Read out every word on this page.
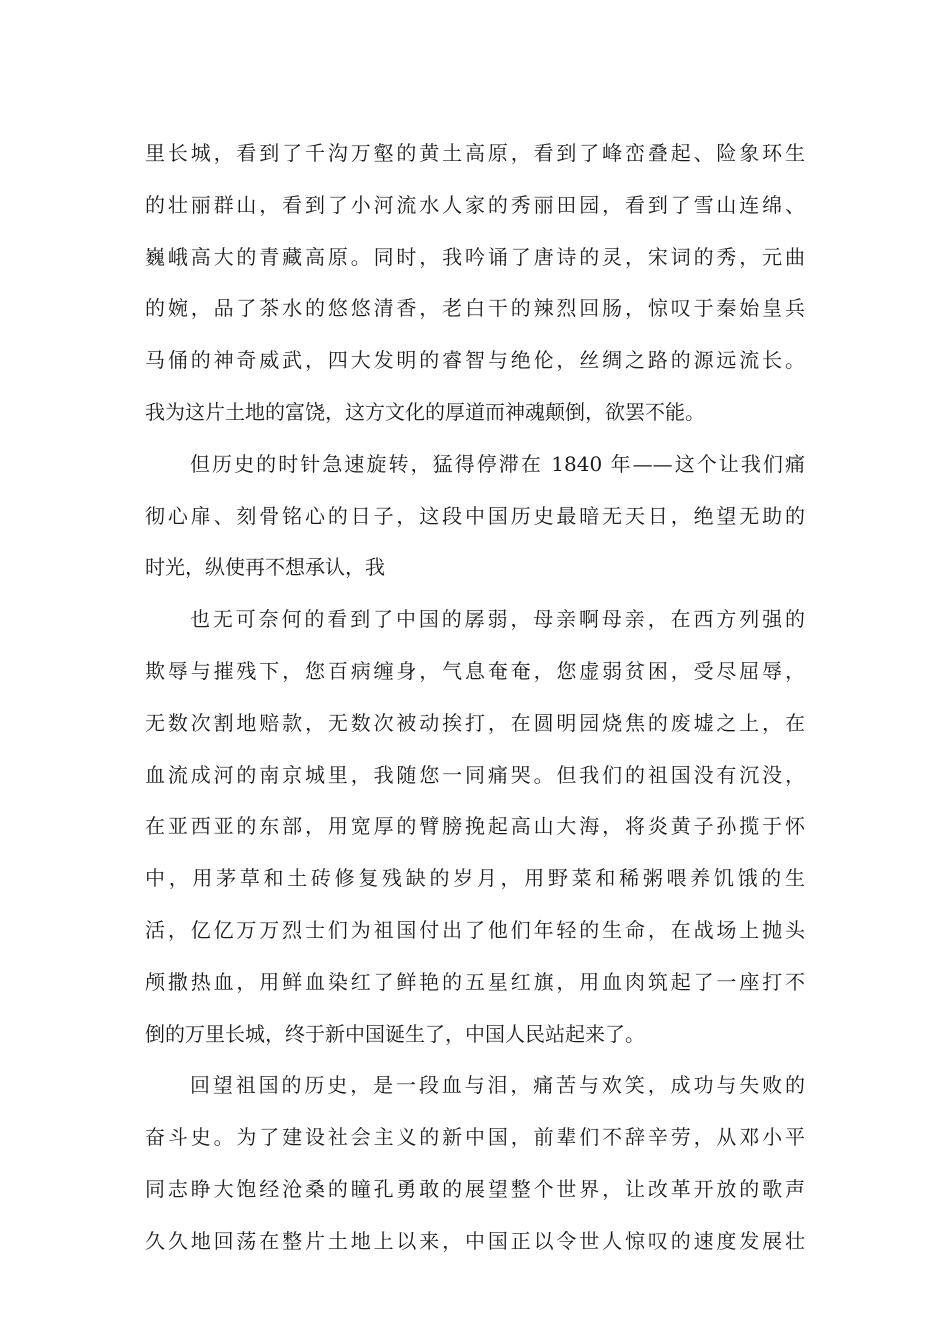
里长城，看到了千沟万壑的黄土高原，看到了峰峦叠起、险象环生
的壮丽群山，看到了小河流水人家的秀丽田园，看到了雪山连绵、
巍峨高大的青藏高原。同时，我吟诵了唐诗的灵，宋词的秀，元曲
的婉，品了茶水的悠悠清香，老白干的辣烈回肠，惊叹于秦始皇兵
马俑的神奇威武，四大发明的睿智与绝伦，丝绸之路的源远流长。
我为这片土地的富饶，这方文化的厚道而神魂颠倒，欲罢不能。
但历史的时针急速旋转，猛得停滞在 1840 年——这个让我们痛
彻心扉、刻骨铭心的日子，这段中国历史最暗无天日，绝望无助的
时光，纵使再不想承认，我
也无可奈何的看到了中国的孱弱，母亲啊母亲，在西方列强的
欺辱与摧残下，您百病缠身，气息奄奄，您虚弱贫困，受尽屈辱，
无数次割地赔款，无数次被动挨打，在圆明园烧焦的废墟之上，在
血流成河的南京城里，我随您一同痛哭。但我们的祖国没有沉没，
在亚西亚的东部，用宽厚的臂膀挽起高山大海，将炎黄子孙揽于怀
中，用茅草和土砖修复残缺的岁月，用野菜和稀粥喂养饥饿的生
活，亿亿万万烈士们为祖国付出了他们年轻的生命，在战场上抛头
颅撒热血，用鲜血染红了鲜艳的五星红旗，用血肉筑起了一座打不
倒的万里长城，终于新中国诞生了，中国人民站起来了。
回望祖国的历史，是一段血与泪，痛苦与欢笑，成功与失败的
奋斗史。为了建设社会主义的新中国，前辈们不辞辛劳，从邓小平
同志睁大饱经沧桑的瞳孔勇敢的展望整个世界，让改革开放的歌声
久久地回荡在整片土地上以来，中国正以令世人惊叹的速度发展壮
